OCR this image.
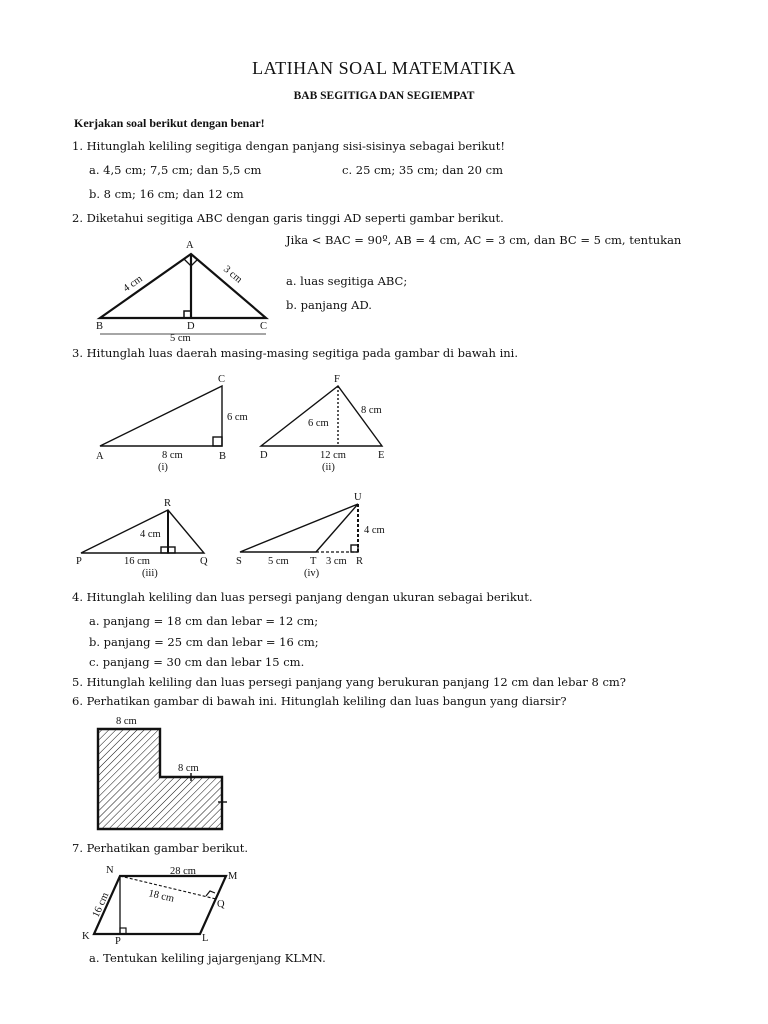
LATIHAN SOAL MATEMATIKA
BAB SEGITIGA DAN SEGIEMPAT
Kerjakan soal berikut dengan benar!
1. Hitunglah keliling segitiga dengan panjang sisi-sisinya sebagai berikut!
a. 4,5 cm; 7,5 cm; dan 5,5 cm	c. 25 cm; 35 cm; dan 20 cm
b. 8 cm; 16 cm; dan 12 cm
2. Diketahui segitiga ABC dengan garis tinggi AD seperti gambar berikut.
Jika < BAC = 90º, AB = 4 cm, AC = 3 cm, dan BC = 5 cm, tentukan
a. luas segitiga ABC;
b. panjang AD.
A
B	D	C
4 cm	3 cm
5 cm
3. Hitunglah luas daerah masing-masing segitiga pada gambar di bawah ini.
C
A	B
6 cm
8 cm
(i)
F
D	E
6 cm
8 cm
12 cm
(ii)
R
P	Q
4 cm
16 cm
(iii)
U
S	T	R
4 cm
5 cm	3 cm
(iv)
4. Hitunglah keliling dan luas persegi panjang dengan ukuran sebagai berikut.
a. panjang = 18 cm dan lebar = 12 cm;
b. panjang = 25 cm dan lebar = 16 cm;
c. panjang = 30 cm dan lebar 15 cm.
5. Hitunglah keliling dan luas persegi panjang yang berukuran panjang 12 cm dan lebar 8 cm?
6. Perhatikan gambar di bawah ini. Hitunglah keliling dan luas bangun yang diarsir?
8 cm
8 cm
7. Perhatikan gambar berikut.
N
M
K	L
P
Q
28 cm
18 cm
16 cm
a. Tentukan keliling jajargenjang KLMN.
